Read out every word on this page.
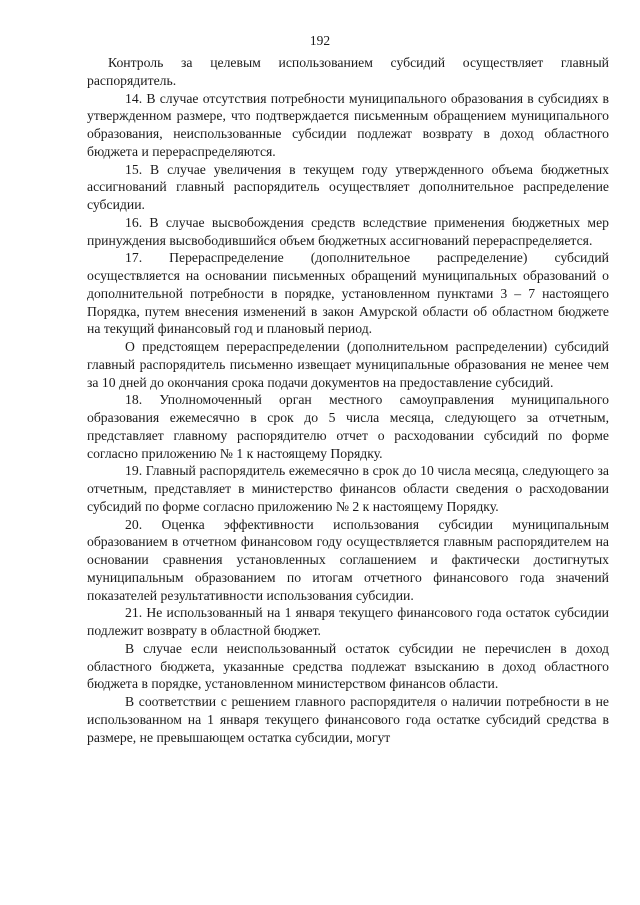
192

Контроль за целевым использованием субсидий осуществляет главный распорядитель.

14. В случае отсутствия потребности муниципального образования в субсидиях в утвержденном размере, что подтверждается письменным обращением муниципального образования, неиспользованные субсидии подлежат возврату в доход областного бюджета и перераспределяются.

15. В случае увеличения в текущем году утвержденного объема бюджетных ассигнований главный распорядитель осуществляет дополнительное распределение субсидии.

16. В случае высвобождения средств вследствие применения бюджетных мер принуждения высвободившийся объем бюджетных ассигнований перераспределяется.

17. Перераспределение (дополнительное распределение) субсидий осуществляется на основании письменных обращений муниципальных образований о дополнительной потребности в порядке, установленном пунктами 3 – 7 настоящего Порядка, путем внесения изменений в закон Амурской области об областном бюджете на текущий финансовый год и плановый период.

О предстоящем перераспределении (дополнительном распределении) субсидий главный распорядитель письменно извещает муниципальные образования не менее чем за 10 дней до окончания срока подачи документов на предоставление субсидий.

18. Уполномоченный орган местного самоуправления муниципального образования ежемесячно в срок до 5 числа месяца, следующего за отчетным, представляет главному распорядителю отчет о расходовании субсидий по форме согласно приложению № 1 к настоящему Порядку.

19. Главный распорядитель ежемесячно в срок до 10 числа месяца, следующего за отчетным, представляет в министерство финансов области сведения о расходовании субсидий по форме согласно приложению № 2 к настоящему Порядку.

20. Оценка эффективности использования субсидии муниципальным образованием в отчетном финансовом году осуществляется главным распорядителем на основании сравнения установленных соглашением и фактически достигнутых муниципальным образованием по итогам отчетного финансового года значений показателей результативности использования субсидии.

21. Не использованный на 1 января текущего финансового года остаток субсидии подлежит возврату в областной бюджет.

В случае если неиспользованный остаток субсидии не перечислен в доход областного бюджета, указанные средства подлежат взысканию в доход областного бюджета в порядке, установленном министерством финансов области.

В соответствии с решением главного распорядителя о наличии потребности в не использованном на 1 января текущего финансового года остатке субсидий средства в размере, не превышающем остатка субсидии, могут
